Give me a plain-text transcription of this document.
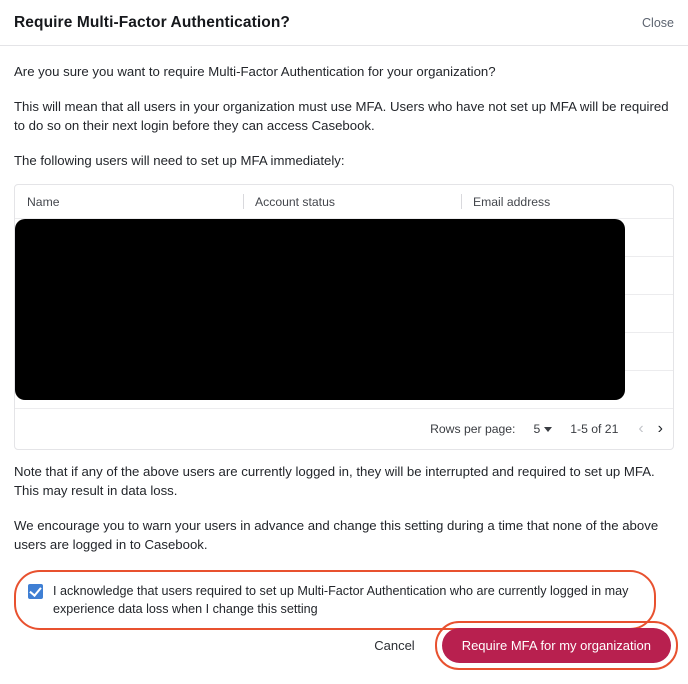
Require Multi-Factor Authentication?	Close

Are you sure you want to require Multi-Factor Authentication for your organization?

This will mean that all users in your organization must use MFA. Users who have not set up MFA will be required to do so on their next login before they can access Casebook.

The following users will need to set up MFA immediately:

Name	Account status	Email address
Rows per page: 5 1-5 of 21 ‹ ›

Note that if any of the above users are currently logged in, they will be interrupted and required to set up MFA. This may result in data loss.

We encourage you to warn your users in advance and change this setting during a time that none of the above users are logged in to Casebook.

I acknowledge that users required to set up Multi-Factor Authentication who are currently logged in may experience data loss when I change this setting
Cancel	Require MFA for my organization
